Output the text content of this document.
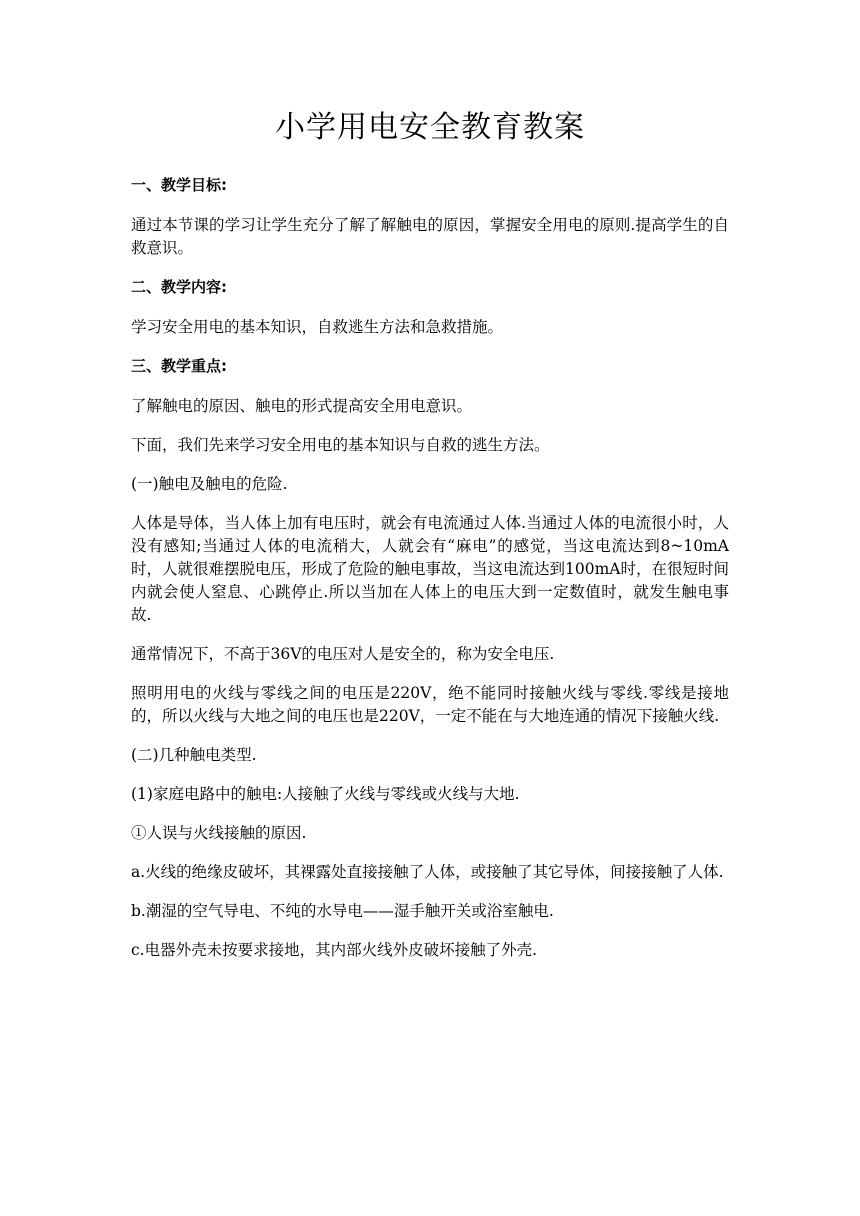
小学用电安全教育教案
一、教学目标:

通过本节课的学习让学生充分了解了解触电的原因，掌握安全用电的原则.提高学生的自救意识。

二、教学内容:

学习安全用电的基本知识，自救逃生方法和急救措施。

三、教学重点:

了解触电的原因、触电的形式提高安全用电意识。

下面，我们先来学习安全用电的基本知识与自救的逃生方法。

(一)触电及触电的危险.

人体是导体，当人体上加有电压时，就会有电流通过人体.当通过人体的电流很小时，人没有感知;当通过人体的电流稍大，人就会有“麻电”的感觉，当这电流达到8~10mA时，人就很难摆脱电压，形成了危险的触电事故，当这电流达到100mA时，在很短时间内就会使人窒息、心跳停止.所以当加在人体上的电压大到一定数值时，就发生触电事故.

通常情况下，不高于36V的电压对人是安全的，称为安全电压.

照明用电的火线与零线之间的电压是220V，绝不能同时接触火线与零线.零线是接地的，所以火线与大地之间的电压也是220V，一定不能在与大地连通的情况下接触火线.

(二)几种触电类型.

(1)家庭电路中的触电:人接触了火线与零线或火线与大地.

①人误与火线接触的原因.

a.火线的绝缘皮破坏，其裸露处直接接触了人体，或接触了其它导体，间接接触了人体.

b.潮湿的空气导电、不纯的水导电——湿手触开关或浴室触电.

c.电器外壳未按要求接地，其内部火线外皮破坏接触了外壳.
